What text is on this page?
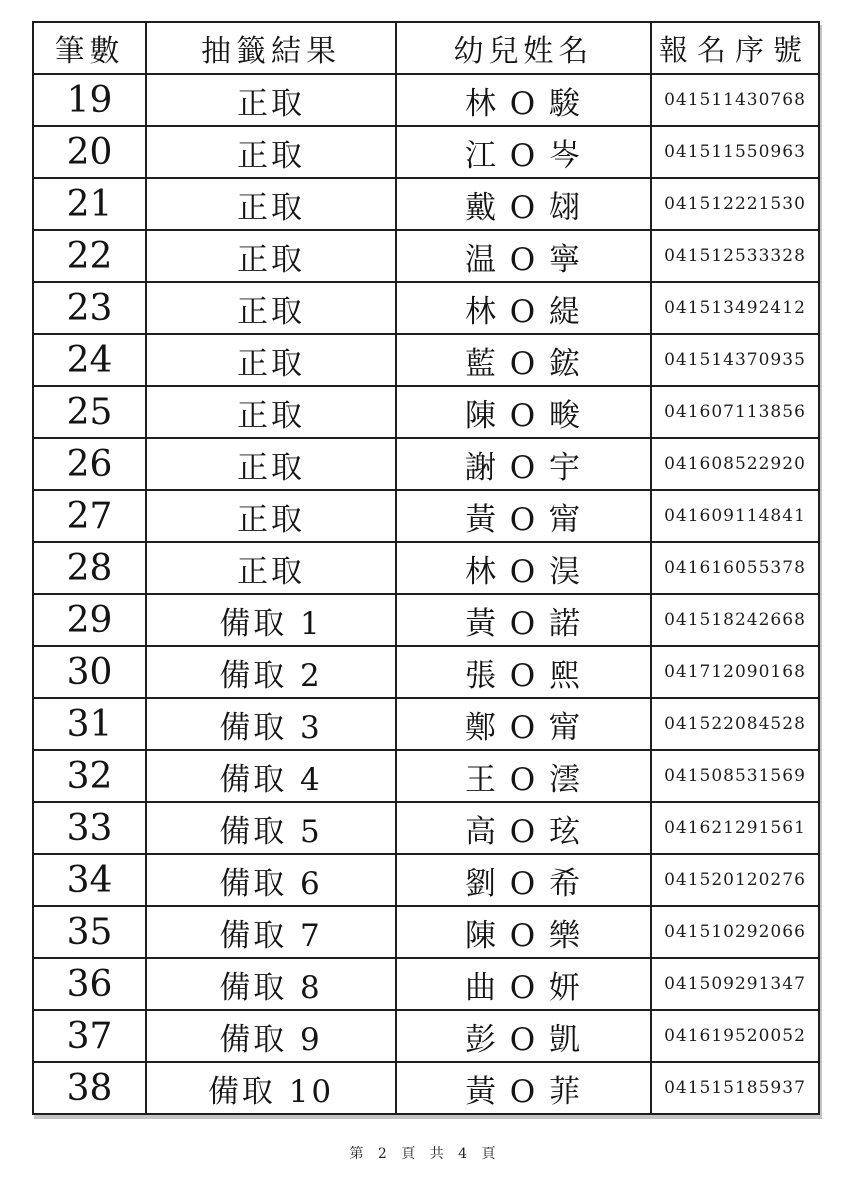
筆數	抽籤結果	幼兒姓名	報名序號
19	正取	林 O 駿	041511430768
20	正取	江 O 岑	041511550963
21	正取	戴 O 翃	041512221530
22	正取	温 O 寧	041512533328
23	正取	林 O 緹	041513492412
24	正取	藍 O 鋐	041514370935
25	正取	陳 O 畯	041607113856
26	正取	謝 O 宇	041608522920
27	正取	黃 O 甯	041609114841
28	正取	林 O 淏	041616055378
29	備取 1	黃 O 諾	041518242668
30	備取 2	張 O 熙	041712090168
31	備取 3	鄭 O 甯	041522084528
32	備取 4	王 O 澐	041508531569
33	備取 5	高 O 玹	041621291561
34	備取 6	劉 O 希	041520120276
35	備取 7	陳 O 樂	041510292066
36	備取 8	曲 O 妍	041509291347
37	備取 9	彭 O 凱	041619520052
38	備取 10	黃 O 菲	041515185937
第 2 頁 共 4 頁
